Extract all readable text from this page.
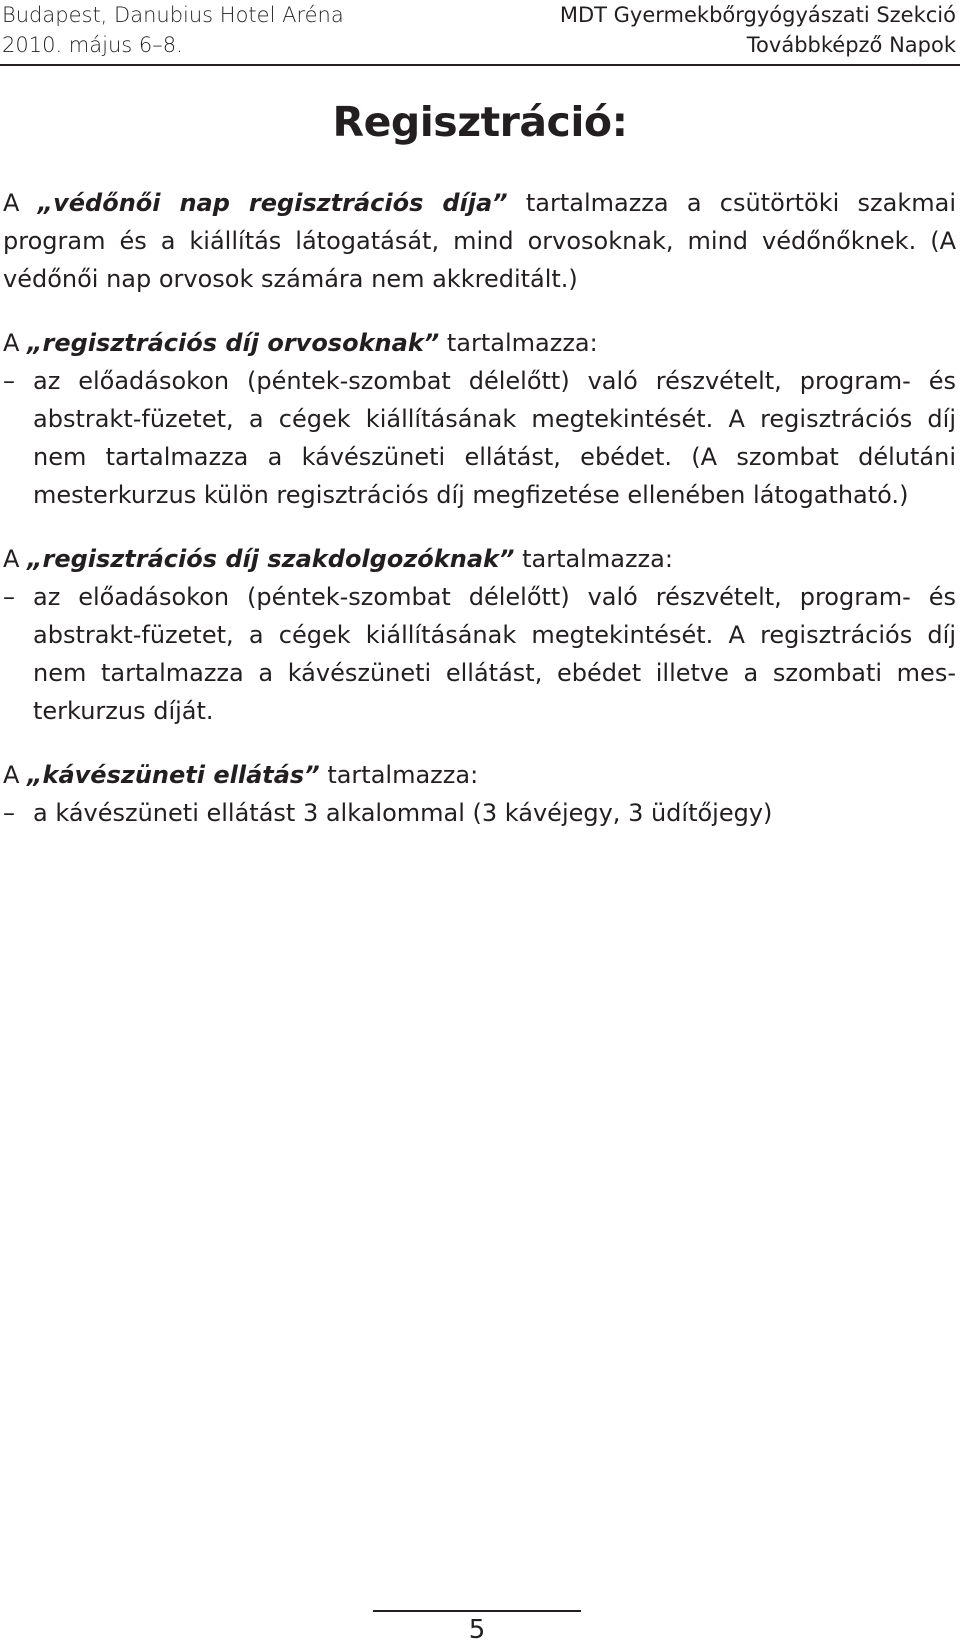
Budapest, Danubius Hotel Aréna
2010. május 6–8.
MDT Gyermekbőrgyógyászati Szekció
Továbbképző Napok
Regisztráció:

A „védőnői nap regisztrációs díja” tartalmazza a csütörtöki szakmai program és a kiállítás látogatását, mind orvosoknak, mind védőnőknek. (A védőnői nap orvosok számára nem akkreditált.)

A „regisztrációs díj orvosoknak” tartalmazza:

– az előadásokon (péntek-szombat délelőtt) való részvételt, program- és abstrakt-füzetet, a cégek kiállításának megtekintését. A regisztrációs díj nem tartalmazza a kávészüneti ellátást, ebédet. (A szombat délutáni mesterkurzus külön regisztrációs díj megfizetése ellenében látogatható.)

A „regisztrációs díj szakdolgozóknak” tartalmazza:

– az előadásokon (péntek-szombat délelőtt) való részvételt, program- és abstrakt-füzetet, a cégek kiállításának megtekintését. A regisztrációs díj nem tartalmazza a kávészüneti ellátást, ebédet illetve a szombati mesterkurzus díját.

A „kávészüneti ellátás” tartalmazza:

– a kávészüneti ellátást 3 alkalommal (3 kávéjegy, 3 üdítőjegy)
5
